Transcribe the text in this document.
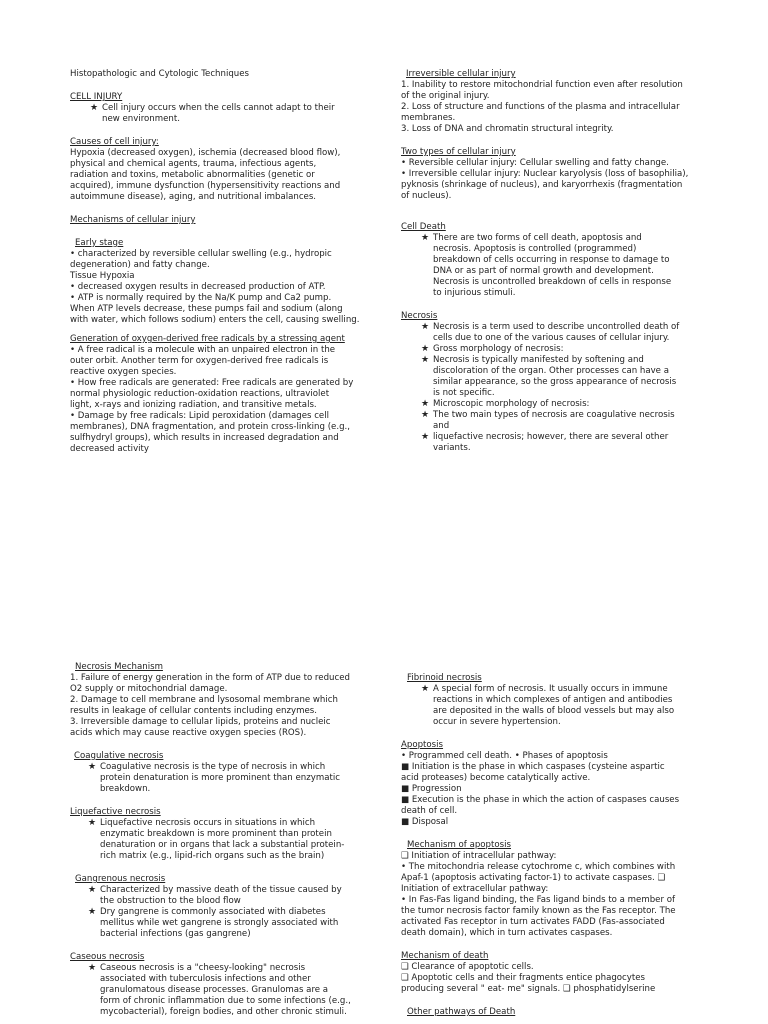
Histopathologic and Cytologic Techniques
CELL INJURY
★ Cell injury occurs when the cells cannot adapt to their
new environment.
Causes of cell injury:
Hypoxia (decreased oxygen), ischemia (decreased blood flow),
physical and chemical agents, trauma, infectious agents,
radiation and toxins, metabolic abnormalities (genetic or
acquired), immune dysfunction (hypersensitivity reactions and
autoimmune disease), aging, and nutritional imbalances.
Mechanisms of cellular injury
Early stage
• characterized by reversible cellular swelling (e.g., hydropic
degeneration) and fatty change.
Tissue Hypoxia
• decreased oxygen results in decreased production of ATP.
• ATP is normally required by the Na/K pump and Ca2 pump.
When ATP levels decrease, these pumps fail and sodium (along
with water, which follows sodium) enters the cell, causing swelling.
Generation of oxygen-derived free radicals by a stressing agent
• A free radical is a molecule with an unpaired electron in the
outer orbit. Another term for oxygen-derived free radicals is
reactive oxygen species.
• How free radicals are generated: Free radicals are generated by
normal physiologic reduction-oxidation reactions, ultraviolet
light, x-rays and ionizing radiation, and transitive metals.
• Damage by free radicals: Lipid peroxidation (damages cell
membranes), DNA fragmentation, and protein cross-linking (e.g.,
sulfhydryl groups), which results in increased degradation and
decreased activity
Irreversible cellular injury
1. Inability to restore mitochondrial function even after resolution
of the original injury.
2. Loss of structure and functions of the plasma and intracellular
membranes.
3. Loss of DNA and chromatin structural integrity.
Two types of cellular injury
• Reversible cellular injury: Cellular swelling and fatty change.
• Irreversible cellular injury: Nuclear karyolysis (loss of basophilia),
pyknosis (shrinkage of nucleus), and karyorrhexis (fragmentation
of nucleus).
Cell Death
★ There are two forms of cell death, apoptosis and
necrosis. Apoptosis is controlled (programmed)
breakdown of cells occurring in response to damage to
DNA or as part of normal growth and development.
Necrosis is uncontrolled breakdown of cells in response
to injurious stimuli.
Necrosis
★ Necrosis is a term used to describe uncontrolled death of
cells due to one of the various causes of cellular injury.
★ Gross morphology of necrosis:
★ Necrosis is typically manifested by softening and
discoloration of the organ. Other processes can have a
similar appearance, so the gross appearance of necrosis
is not specific.
★ Microscopic morphology of necrosis:
★ The two main types of necrosis are coagulative necrosis
and
★ liquefactive necrosis; however, there are several other
variants.
Necrosis Mechanism
1. Failure of energy generation in the form of ATP due to reduced
O2 supply or mitochondrial damage.
2. Damage to cell membrane and lysosomal membrane which
results in leakage of cellular contents including enzymes.
3. Irreversible damage to cellular lipids, proteins and nucleic
acids which may cause reactive oxygen species (ROS).
Coagulative necrosis
★ Coagulative necrosis is the type of necrosis in which
protein denaturation is more prominent than enzymatic
breakdown.
Liquefactive necrosis
★ Liquefactive necrosis occurs in situations in which
enzymatic breakdown is more prominent than protein
denaturation or in organs that lack a substantial protein-
rich matrix (e.g., lipid-rich organs such as the brain)
Gangrenous necrosis
★ Characterized by massive death of the tissue caused by
the obstruction to the blood flow
★ Dry gangrene is commonly associated with diabetes
mellitus while wet gangrene is strongly associated with
bacterial infections (gas gangrene)
Caseous necrosis
★ Caseous necrosis is a "cheesy-looking" necrosis
associated with tuberculosis infections and other
granulomatous disease processes. Granulomas are a
form of chronic inflammation due to some infections (e.g.,
mycobacterial), foreign bodies, and other chronic stimuli.
Fibrinoid necrosis
★ A special form of necrosis. It usually occurs in immune
reactions in which complexes of antigen and antibodies
are deposited in the walls of blood vessels but may also
occur in severe hypertension.
Apoptosis
• Programmed cell death. • Phases of apoptosis
■ Initiation is the phase in which caspases (cysteine aspartic
acid proteases) become catalytically active.
■ Progression
■ Execution is the phase in which the action of caspases causes
death of cell.
■ Disposal
Mechanism of apoptosis
❑ Initiation of intracellular pathway:
• The mitochondria release cytochrome c, which combines with
Apaf-1 (apoptosis activating factor-1) to activate caspases. ❑
Initiation of extracellular pathway:
• In Fas-Fas ligand binding, the Fas ligand binds to a member of
the tumor necrosis factor family known as the Fas receptor. The
activated Fas receptor in turn activates FADD (Fas-associated
death domain), which in turn activates caspases.
Mechanism of death
❑ Clearance of apoptotic cells.
❑ Apoptotic cells and their fragments entice phagocytes
producing several " eat- me" signals. ❑ phosphatidylserine
Other pathways of Death
